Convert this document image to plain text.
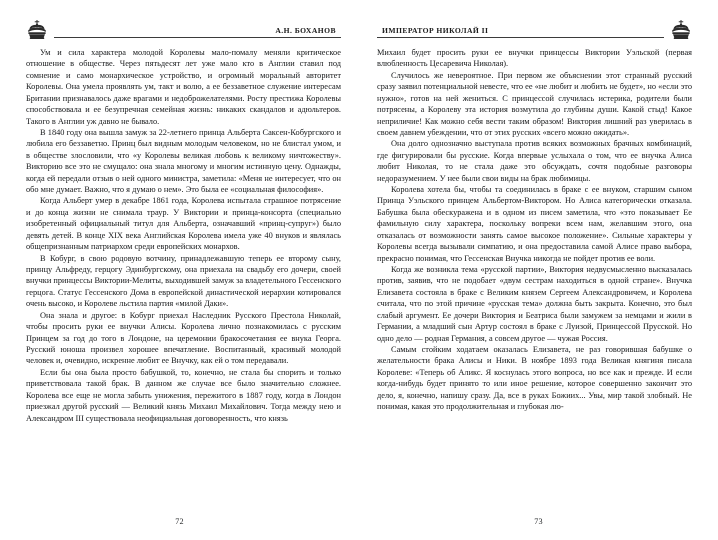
А.Н. БОХАНОВ

Ум и сила характера молодой Королевы мало-помалу меняли критическое отношение в обществе. Через пятьдесят лет уже мало кто в Англии ставил под сомнение и само монархическое устройство, и огромный моральный авторитет Королевы. Она умела проявлять ум, такт и волю, а ее беззаветное служение интересам Британии признавалось даже врагами и недоброжелателями. Росту престижа Королевы способствовала и ее безупречная семейная жизнь: никаких скандалов и адюльтеров. Такого в Англии уж давно не бывало.

В 1840 году она вышла замуж за 22-летнего принца Альберта Саксен-Кобургского и любила его беззаветно. Принц был видным молодым человеком, но не блистал умом, и в обществе злословили, что «у Королевы великая любовь к великому ничтожеству». Викторию все это не смущало: она знала многому и многим истинную цену. Однажды, когда ей передали отзыв о ней одного министра, заметила: «Меня не интересует, что он обо мне думает. Важно, что я думаю о нем». Это была ее «социальная философия».

Когда Альберт умер в декабре 1861 года, Королева испытала страшное потрясение и до конца жизни не снимала траур. У Виктории и принца-консорта (специально изобретенный официальный титул для Альберта, означавший «принц-супруг») было девять детей. В конце XIX века Английская Королева имела уже 40 внуков и являлась общепризнанным патриархом среди европейских монархов.

В Кобург, в свою родовую вотчину, принадлежавшую теперь ее второму сыну, принцу Альфреду, герцогу Эдинбургскому, она приехала на свадьбу его дочери, своей внучки принцессы Виктории-Мелиты, выходившей замуж за владетельного Гессенского герцога. Статус Гессенского Дома в европейской династической иерархии котировался очень высоко, и Королеве льстила партия «милой Даки».

Она знала и другое: в Кобург приехал Наследник Русского Престола Николай, чтобы просить руки ее внучки Алисы. Королева лично познакомилась с русским Принцем за год до того в Лондоне, на церемонии бракосочетания ее внука Георга. Русский юноша произвел хорошее впечатление. Воспитанный, красивый молодой человек и, очевидно, искренне любит ее Внучку, как ей о том передавали.

Если бы она была просто бабушкой, то, конечно, не стала бы спорить и только приветствовала такой брак. В данном же случае все было значительно сложнее. Королева все еще не могла забыть унижения, пережитого в 1887 году, когда в Лондон приезжал другой русский — Великий князь Михаил Михайлович. Тогда между нею и Александром III существовала неофициальная договоренность, что князь

72
ИМПЕРАТОР НИКОЛАЙ II

Михаил будет просить руки ее внучки принцессы Виктории Уэльской (первая влюбленность Цесаревича Николая).

Случилось же невероятное. При первом же объяснении этот странный русский сразу заявил потенциальной невесте, что ее «не любит и любить не будет», но «если это нужно», готов на ней жениться. С принцессой случилась истерика, родители были потрясены, а Королеву эта история возмутила до глубины души. Какой стыд! Какое неприличие! Как можно себя вести таким образом! Виктория лишний раз уверилась в своем давнем убеждении, что от этих русских «всего можно ожидать».

Она долго однозначно выступала против всяких возможных брачных комбинаций, где фигурировали бы русские. Когда впервые услыхала о том, что ее внучка Алиса любит Николая, то не стала даже это обсуждать, сочтя подобные разговоры недоразумением. У нее были свои виды на брак любимицы.

Королева хотела бы, чтобы та соединилась в браке с ее внуком, старшим сыном Принца Уэльского принцем Альбертом-Виктором. Но Алиса категорически отказала. Бабушка была обескуражена и в одном из писем заметила, что «это показывает Ее фамильную силу характера, поскольку вопреки всем нам, желавшим этого, она отказалась от возможности занять самое высокое положение». Сильные характеры у Королевы всегда вызывали симпатию, и она предоставила самой Алисе право выбора, прекрасно понимая, что Гессенская Внучка никогда не пойдет против ее воли.

Когда же возникла тема «русской партии», Виктория недвусмысленно высказалась против, заявив, что не подобает «двум сестрам находиться в одной стране». Внучка Елизавета состояла в браке с Великим князем Сергеем Александровичем, и Королева считала, что по этой причине «русская тема» должна быть закрыта. Конечно, это был слабый аргумент. Ее дочери Виктория и Беатриса были замужем за немцами и жили в Германии, а младший сын Артур состоял в браке с Луизой, Принцессой Прусской. Но одно дело — родная Германия, а совсем другое — чужая Россия.

Самым стойким ходатаем оказалась Елизавета, не раз говорившая бабушке о желательности брака Алисы и Ники. В ноябре 1893 года Великая княгиня писала Королеве: «Теперь об Аликс. Я коснулась этого вопроса, но все как и прежде. И если когда-нибудь будет принято то или иное решение, которое совершенно закончит это дело, я, конечно, напишу сразу. Да, все в руках Божиих... Увы, мир такой злобный. Не понимая, какая это продолжительная и глубокая лю-

73
